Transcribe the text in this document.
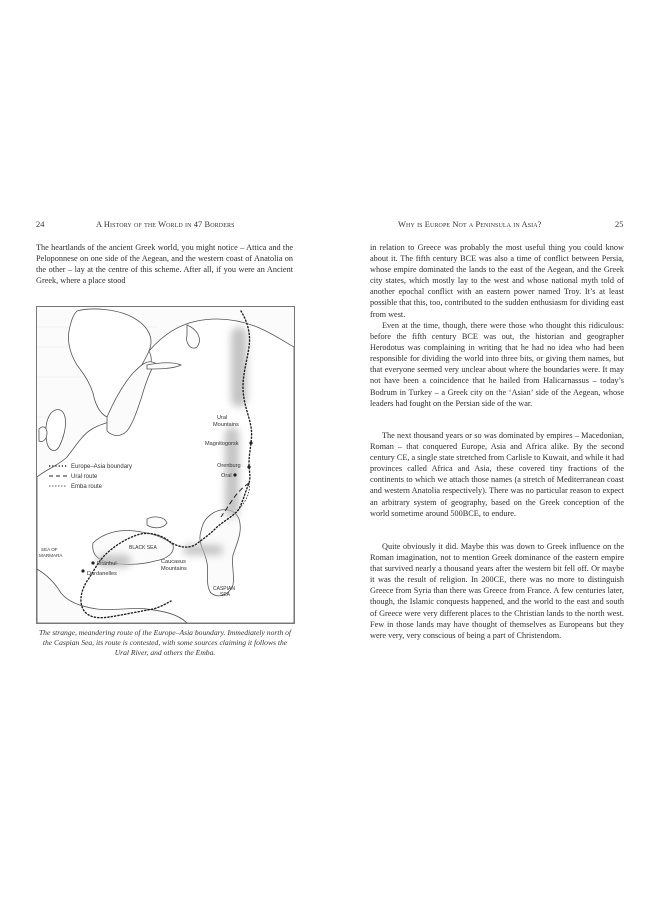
24	A History of the World in 47 Borders

The heartlands of the ancient Greek world, you might notice – Attica and the Peloponnese on one side of the Aegean, and the western coast of Anatolia on the other – lay at the centre of this scheme. After all, if you were an Ancient Greek, where a place stood

Europe–Asia boundary
Ural route
Emba route
Ural
Mountains
Magnitogorsk
Orenburg
Oral
BLACK SEA
SEA OF
MARMARA
Istanbul
Dardanelles
Caucasus
Mountains
CASPIAN
SEA

The strange, meandering route of the Europe–Asia boundary. Immediately north of the Caspian Sea, its route is contested, with some sources claiming it follows the Ural River, and others the Emba.

Why is Europe Not a Peninsula in Asia?	25

in relation to Greece was probably the most useful thing you could know about it. The fifth century BCE was also a time of conflict between Persia, whose empire dominated the lands to the east of the Aegean, and the Greek city states, which mostly lay to the west and whose national myth told of another epochal conflict with an eastern power named Troy. It’s at least possible that this, too, contributed to the sudden enthusiasm for dividing east from west.

Even at the time, though, there were those who thought this ridiculous: before the fifth century BCE was out, the historian and geographer Herodotus was complaining in writing that he had no idea who had been responsible for dividing the world into three bits, or giving them names, but that everyone seemed very unclear about where the boundaries were. It may not have been a coincidence that he hailed from Halicarnassus – today’s Bodrum in Turkey – a Greek city on the ‘Asian’ side of the Aegean, whose leaders had fought on the Persian side of the war.

The next thousand years or so was dominated by empires – Macedonian, Roman – that conquered Europe, Asia and Africa alike. By the second century CE, a single state stretched from Carlisle to Kuwait, and while it had provinces called Africa and Asia, these covered tiny fractions of the continents to which we attach those names (a stretch of Mediterranean coast and western Anatolia respectively). There was no particular reason to expect an arbitrary system of geography, based on the Greek conception of the world sometime around 500BCE, to endure.

Quite obviously it did. Maybe this was down to Greek influence on the Roman imagination, not to mention Greek dominance of the eastern empire that survived nearly a thousand years after the western bit fell off. Or maybe it was the result of religion. In 200CE, there was no more to distinguish Greece from Syria than there was Greece from France. A few centuries later, though, the Islamic conquests happened, and the world to the east and south of Greece were very different places to the Christian lands to the north west. Few in those lands may have thought of themselves as Europeans but they were very, very conscious of being a part of Christendom.
